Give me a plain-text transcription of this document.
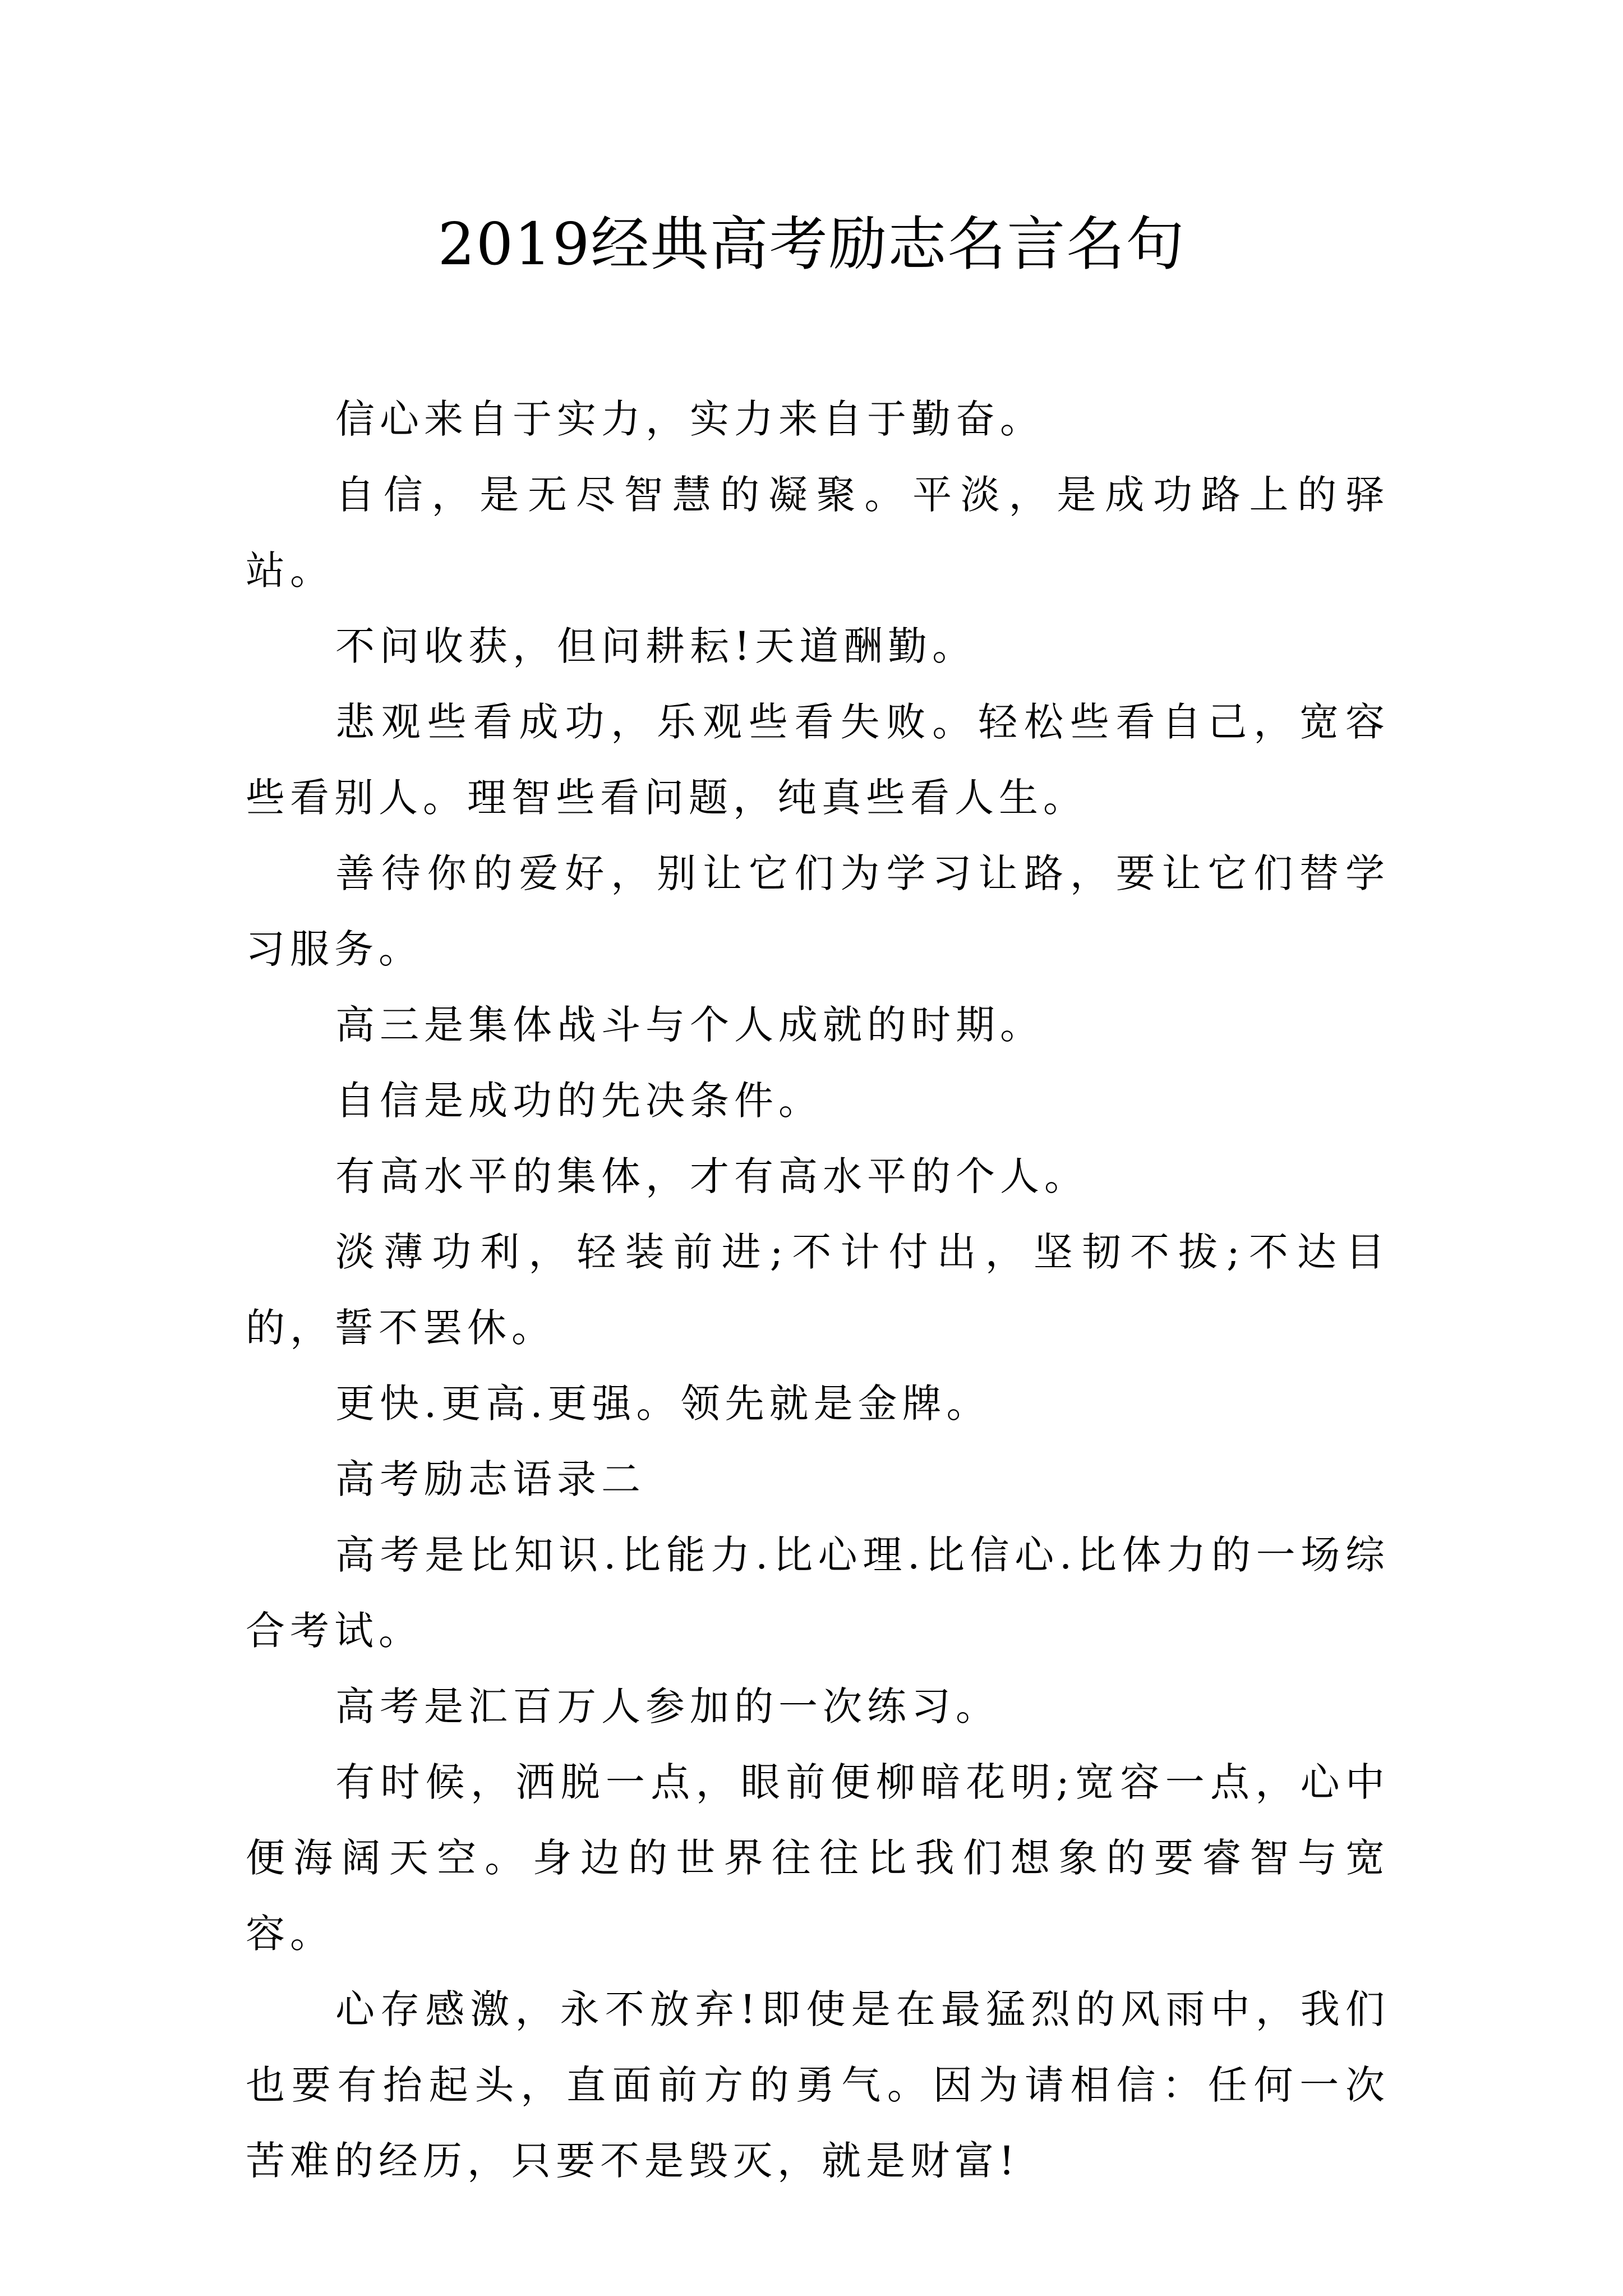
2019经典高考励志名言名句

信心来自于实力，实力来自于勤奋。

自信，是无尽智慧的凝聚。平淡，是成功路上的驿站。

不问收获，但问耕耘!天道酬勤。

悲观些看成功，乐观些看失败。轻松些看自己，宽容些看别人。理智些看问题，纯真些看人生。

善待你的爱好，别让它们为学习让路，要让它们替学习服务。

高三是集体战斗与个人成就的时期。

自信是成功的先决条件。

有高水平的集体，才有高水平的个人。

淡薄功利，轻装前进;不计付出，坚韧不拔;不达目的，誓不罢休。

更快.更高.更强。领先就是金牌。

高考励志语录二

高考是比知识.比能力.比心理.比信心.比体力的一场综合考试。

高考是汇百万人参加的一次练习。

有时候，洒脱一点，眼前便柳暗花明;宽容一点，心中便海阔天空。身边的世界往往比我们想象的要睿智与宽容。

心存感激，永不放弃!即使是在最猛烈的风雨中，我们也要有抬起头，直面前方的勇气。因为请相信：任何一次苦难的经历，只要不是毁灭，就是财富!
